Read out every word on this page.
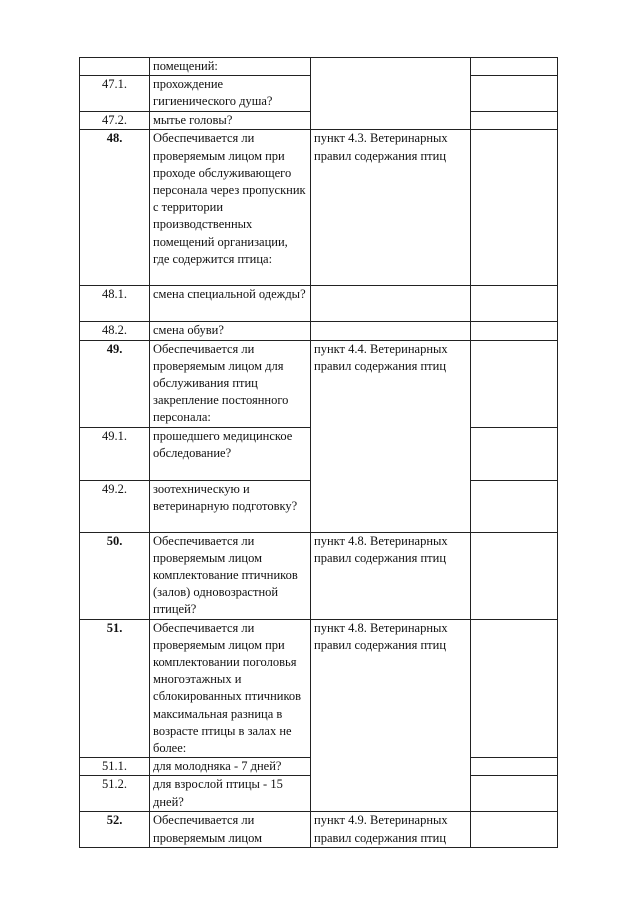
	помещений:		
47.1.	прохождение гигиенического душа?		
47.2.	мытье головы?		
48.	Обеспечивается ли проверяемым лицом при проходе обслуживающего персонала через пропускник с территории производственных помещений организации, где содержится птица:	пункт 4.3. Ветеринарных правил содержания птиц	
48.1.	смена специальной одежды?		
48.2.	смена обуви?		
49.	Обеспечивается ли проверяемым лицом для обслуживания птиц закрепление постоянного персонала:	пункт 4.4. Ветеринарных правил содержания птиц	
49.1.	прошедшего медицинское обследование?		
49.2.	зоотехническую и ветеринарную подготовку?		
50.	Обеспечивается ли проверяемым лицом комплектование птичников (залов) одновозрастной птицей?	пункт 4.8. Ветеринарных правил содержания птиц	
51.	Обеспечивается ли проверяемым лицом при комплектовании поголовья многоэтажных и сблокированных птичников максимальная разница в возрасте птицы в залах не более:	пункт 4.8. Ветеринарных правил содержания птиц	
51.1.	для молодняка - 7 дней?		
51.2.	для взрослой птицы - 15 дней?		
52.	Обеспечивается ли проверяемым лицом	пункт 4.9. Ветеринарных правил содержания птиц	
